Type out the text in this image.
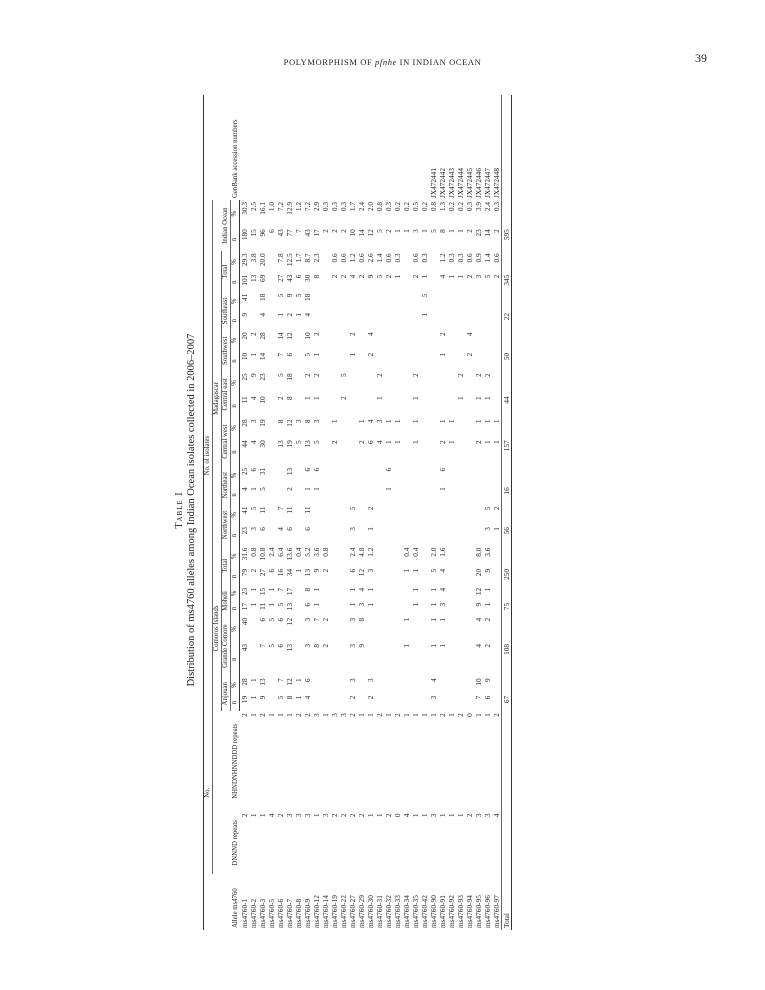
POLYMORPHISM OF pfnhe IN INDIAN OCEAN	39
Table I Distribution of ms4760 alleles among Indian Ocean isolates collected in 2006–2007
Allele ms4760	No.		No. of isolates																								GenBank accession numbers
	DNNND repeats	NHNDNHNNDDD repeats	Comoros Islands								Madagascar																
			Anjouan		Grande Comore		Moheli		Total		Northwest		Northeast		Central west		Central east		Southwest		Southeast		Total		Indian Ocean		
			n	%	n	%	n	%	n	%	n	%	n	%	n	%	n	%	n	%	n	%	n	%	n	%	
ms4760-1	2	2	19	28	43	40	17	23	79	31.6	23	41	4	25	44	28	11	25	10	20	9	41	101	29.3	180	30.3	
ms4760-2	1	1	1	1			1	1	2	0.8	3	5	1	6	4	3	4	9	1	2			13	3.8	15	2.5	
ms4760-3	1	2	9	13	7	6	11	15	27	10.8	6	11	5	31	30	19	10	23	14	28	4	18	69	20.0	96	16.1	
ms4760-5	4	1			5	5	1	1	6	2.4															6	1.0	
ms4760-6	2	1	5	7	6	6	5	7	16	6.4	4	7			13	8	2	5	7	14	1	5	27	7.8	43	7.2	
ms4760-7	3	1	8	12	13	12	13	17	34	13.6	6	11	2	13	19	12	8	18	6	12	2	9	43	12.5	77	12.9	
ms4760-8	3	2	1	1					1	0.4					5	3					1	5	6	1.7	7	1.2	
ms4760-9	3	2	4	6	3	3	6	8	13	5.2	6	11	1	6	13	8	1	2	5	10	4	18	30	8.7	43	7.2	
ms4760-12	1	3			8	7	1	1	9	3.6			1	6	5	3	1	2	1	2			8	2.3	17	2.9	
ms4760-14	3	1			2	2			2	0.8															2	0.3	
ms4760-19	2	3													2	1							2	0.6	2	0.3	
ms4760-22	2	3															2	5					2	0.6	2	0.3	
ms4760-27	2	2	2	3	3	3	1	1	6	2.4	3	5							1	2			4	1.2	10	1.7	
ms4760-29	2	1			9	8	3	4	12	4.8					2	1							2	0.6	14	2.4	
ms4760-30	1	1	2	3			1	1	3	1.2	1	2			6	4			2	4			9	2.6	12	2.0	
ms4760-31	1	2													4	3	1	2					5	1.4	5	0.8	
ms4760-32	2	1											1	6	1	1							2	0.6	2	0.3	
ms4760-33	0	2													1	1							1	0.3	1	0.2	
ms4760-34	4	1			1	1			1	0.4															1	0.2	
ms4760-35	1	1					1	1	1	0.4					1	1	1	2					2	0.6	3	0.5	
ms4760-42	1	1																			1	5	1	0.3	1	0.2	
ms4760-90	3	1	3	4	1	1	1	1	5	2.0															5	0.8	JX472441
ms4760-91	1	2			1	1	3	4	4	1.6			1	6	2	1			1	2			4	1.2	8	1.3	JX472442
ms4760-92	1	1													1	1							1	0.3	1	0.2	JX472443
ms4760-93	1	2															1	2					1	0.3	1	0.2	JX472444
ms4760-94	2	0																	2	4			2	0.6	2	0.3	JX472445
ms4760-95	3	1	7	10	4	4	9	12	20	8.0					2	1	1	2					3	0.9	23	3.9	JX472446
ms4760-96	3	1	6	9	2	2	1	1	9	3.6	3	5			1	1	1	2					5	1.4	14	2.4	JX472447
ms4760-97	4	2									1	2			1	1							2	0.6	2	0.3	JX472448
Total			67		108		75		250		56		16		157		44		50		22		345		595		
